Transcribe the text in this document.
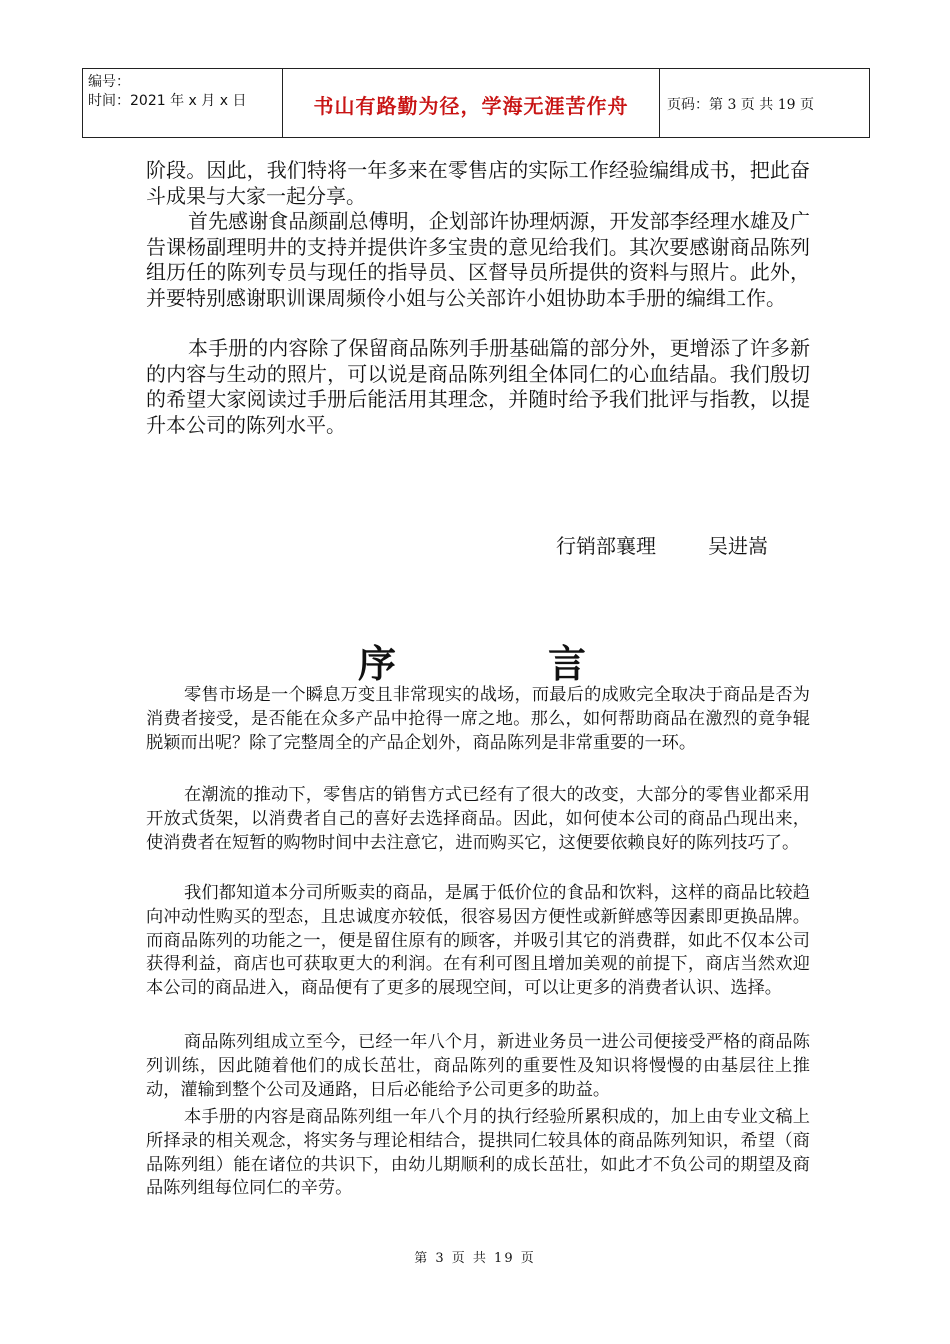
编号：
时间：2021 年 x 月 x 日	书山有路勤为径，学海无涯苦作舟	页码：第 3 页 共 19 页

阶段。因此，我们特将一年多来在零售店的实际工作经验编缉成书，把此奋斗成果与大家一起分享。

首先感谢食品颜副总傅明，企划部许协理炳源，开发部李经理水雄及广告课杨副理明井的支持并提供许多宝贵的意见给我们。其次要感谢商品陈列组历任的陈列专员与现任的指导员、区督导员所提供的资料与照片。此外，并要特别感谢职训课周频伶小姐与公关部许小姐协助本手册的编缉工作。

本手册的内容除了保留商品陈列手册基础篇的部分外，更增添了许多新的内容与生动的照片，可以说是商品陈列组全体同仁的心血结晶。我们殷切的希望大家阅读过手册后能活用其理念，并随时给予我们批评与指教，以提升本公司的陈列水平。

行销部襄理	吴进嵩
序	言

零售市场是一个瞬息万变且非常现实的战场，而最后的成败完全取决于商品是否为消费者接受，是否能在众多产品中抢得一席之地。那么，如何帮助商品在激烈的竟争辊脱颖而出呢？除了完整周全的产品企划外，商品陈列是非常重要的一环。

在潮流的推动下，零售店的销售方式已经有了很大的改变，大部分的零售业都采用开放式货架，以消费者自己的喜好去选择商品。因此，如何使本公司的商品凸现出来，使消费者在短暂的购物时间中去注意它，进而购买它，这便要依赖良好的陈列技巧了。

我们都知道本分司所贩卖的商品，是属于低价位的食品和饮料，这样的商品比较趋向冲动性购买的型态，且忠诚度亦较低，很容易因方便性或新鲜感等因素即更换品牌。而商品陈列的功能之一，便是留住原有的顾客，并吸引其它的消费群，如此不仅本公司获得利益，商店也可获取更大的利润。在有利可图且增加美观的前提下，商店当然欢迎本公司的商品进入，商品便有了更多的展现空间，可以让更多的消费者认识、选择。

商品陈列组成立至今，已经一年八个月，新进业务员一进公司便接受严格的商品陈列训练，因此随着他们的成长茁壮，商品陈列的重要性及知识将慢慢的由基层往上推动，灌输到整个公司及通路，日后必能给予公司更多的助益。

本手册的内容是商品陈列组一年八个月的执行经验所累积成的，加上由专业文稿上所择录的相关观念，将实务与理论相结合，提拱同仁较具体的商品陈列知识，希望（商品陈列组）能在诸位的共识下，由幼儿期顺利的成长茁壮，如此才不负公司的期望及商品陈列组每位同仁的辛劳。

第 3 页 共 19 页
